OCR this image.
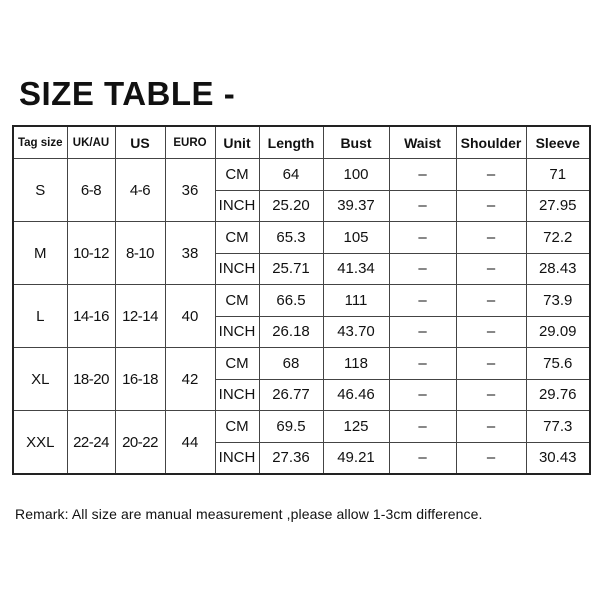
SIZE TABLE -
Tag size	UK/AU	US	EURO	Unit	Length	Bust	Waist	Shoulder	Sleeve
S	6-8	4-6	36	CM	64	100	–	–	71
				INCH	25.20	39.37	–	–	27.95
M	10-12	8-10	38	CM	65.3	105	–	–	72.2
				INCH	25.71	41.34	–	–	28.43
L	14-16	12-14	40	CM	66.5	111	–	–	73.9
				INCH	26.18	43.70	–	–	29.09
XL	18-20	16-18	42	CM	68	118	–	–	75.6
				INCH	26.77	46.46	–	–	29.76
XXL	22-24	20-22	44	CM	69.5	125	–	–	77.3
				INCH	27.36	49.21	–	–	30.43

Remark: All size are manual measurement ,please allow 1-3cm difference.
